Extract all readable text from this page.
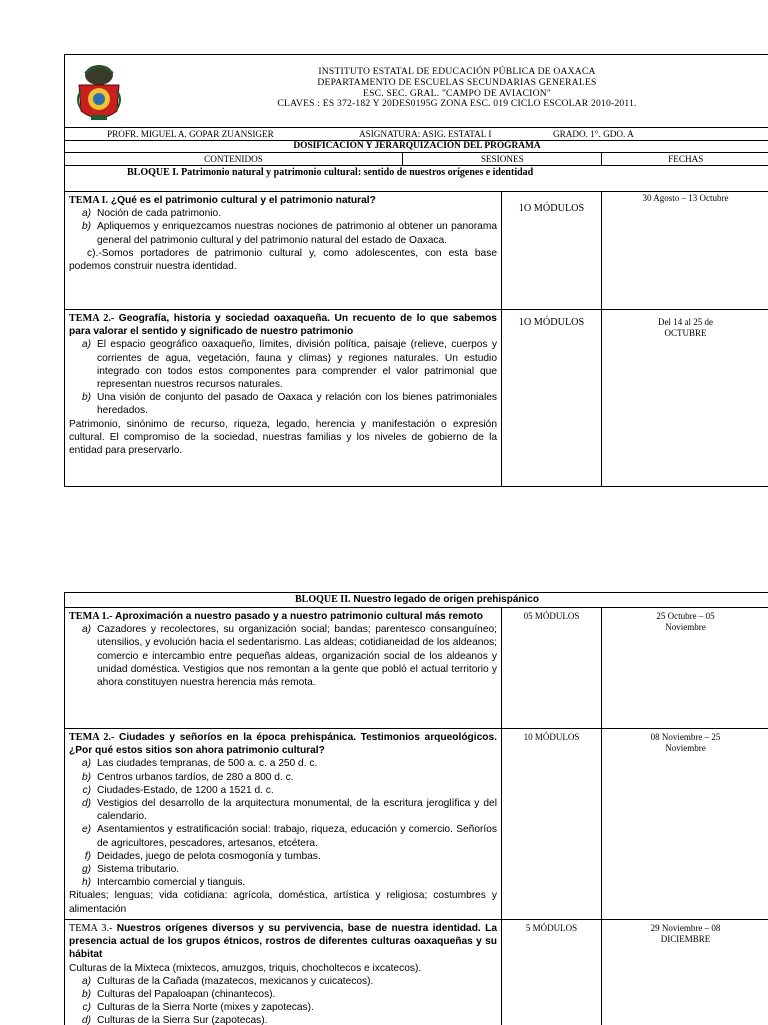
INSTITUTO ESTATAL DE EDUCACIÓN PÚBLICA DE OAXACA
DEPARTAMENTO DE ESCUELAS SECUNDARIAS GENERALES
ESC. SEC. GRAL. "CAMPO DE AVIACION"
CLAVES : ES 372-182 Y 20DES0195G ZONA ESC. 019 CICLO ESCOLAR 2010-2011.
PROFR. MIGUEL A. GOPAR ZUANSIGER	ASIGNATURA: ASIG. ESTATAL I	GRADO. 1°. GDO. A
DOSIFICACIÓN Y JERARQUIZACIÓN DEL PROGRAMA
CONTENIDOS	SESIONES	FECHAS
BLOQUE I. Patrimonio natural y patrimonio cultural: sentido de nuestros orígenes e identidad
TEMA I. ¿Qué es el patrimonio cultural y el patrimonio natural?
a) Noción de cada patrimonio.
b) Apliquemos y enriquezcamos nuestras nociones de patrimonio al obtener un panorama general del patrimonio cultural y del patrimonio natural del estado de Oaxaca.
c).-Somos portadores de patrimonio cultural y, como adolescentes, con esta base podemos construir nuestra identidad.
1O MÓDULOS
30 Agosto – 13 Octubre
TEMA 2.- Geografía, historia y sociedad oaxaqueña. Un recuento de lo que sabemos para valorar el sentido y significado de nuestro patrimonio
a) El espacio geográfico oaxaqueño, límites, división política, paisaje (relieve, cuerpos y corrientes de agua, vegetación, fauna y climas) y regiones naturales. Un estudio integrado con todos estos componentes para comprender el valor patrimonial que representan nuestros recursos naturales.
b) Una visión de conjunto del pasado de Oaxaca y relación con los bienes patrimoniales heredados.
Patrimonio, sinónimo de recurso, riqueza, legado, herencia y manifestación o expresión cultural. El compromiso de la sociedad, nuestras familias y los niveles de gobierno de la entidad para preservarlo.
1O MÓDULOS	Del 14 al 25 de OCTUBRE
BLOQUE II. Nuestro legado de origen prehispánico
TEMA 1.- Aproximación a nuestro pasado y a nuestro patrimonio cultural más remoto
a) Cazadores y recolectores, su organización social; bandas; parentesco consanguíneo; utensilios, y evolución hacia el sedentarismo. Las aldeas; cotidianeidad de los aldeanos; comercio e intercambio entre pequeñas aldeas, organización social de los aldeanos y unidad doméstica. Vestigios que nos remontan a la gente que pobló el actual territorio y ahora constituyen nuestra herencia más remota.
05 MÓDULOS	25 Octubre – 05 Noviembre
TEMA 2.- Ciudades y señoríos en la época prehispánica. Testimonios arqueológicos. ¿Por qué estos sitios son ahora patrimonio cultural?
a) Las ciudades tempranas, de 500 a. c. a 250 d. c.
b) Centros urbanos tardíos, de 280 a 800 d. c.
c) Ciudades-Estado, de 1200 a 1521 d. c.
d) Vestigios del desarrollo de la arquitectura monumental, de la escritura jeroglífica y del calendario.
e) Asentamientos y estratificación social: trabajo, riqueza, educación y comercio. Señoríos de agricultores, pescadores, artesanos, etcétera.
f) Deidades, juego de pelota cosmogonía y tumbas.
g) Sistema tributario.
h) Intercambio comercial y tianguis.
Rituales; lenguas; vida cotidiana: agrícola, doméstica, artística y religiosa; costumbres y alimentación
10 MÓDULOS	08 Noviembre – 25 Noviembre
TEMA 3.- Nuestros orígenes diversos y su pervivencia, base de nuestra identidad. La presencia actual de los grupos étnicos, rostros de diferentes culturas oaxaqueñas y su hábitat
Culturas de la Mixteca (mixtecos, amuzgos, triquis, chocholtecos e ixcatecos).
a) Culturas de la Cañada (mazatecos, mexicanos y cuicatecos).
b) Culturas del Papaloapan (chinantecos).
c) Culturas de la Sierra Norte (mixes y zapotecas).
d) Culturas de la Sierra Sur (zapotecas).
5 MÓDULOS	29 Noviembre – 08 DICIEMBRE
